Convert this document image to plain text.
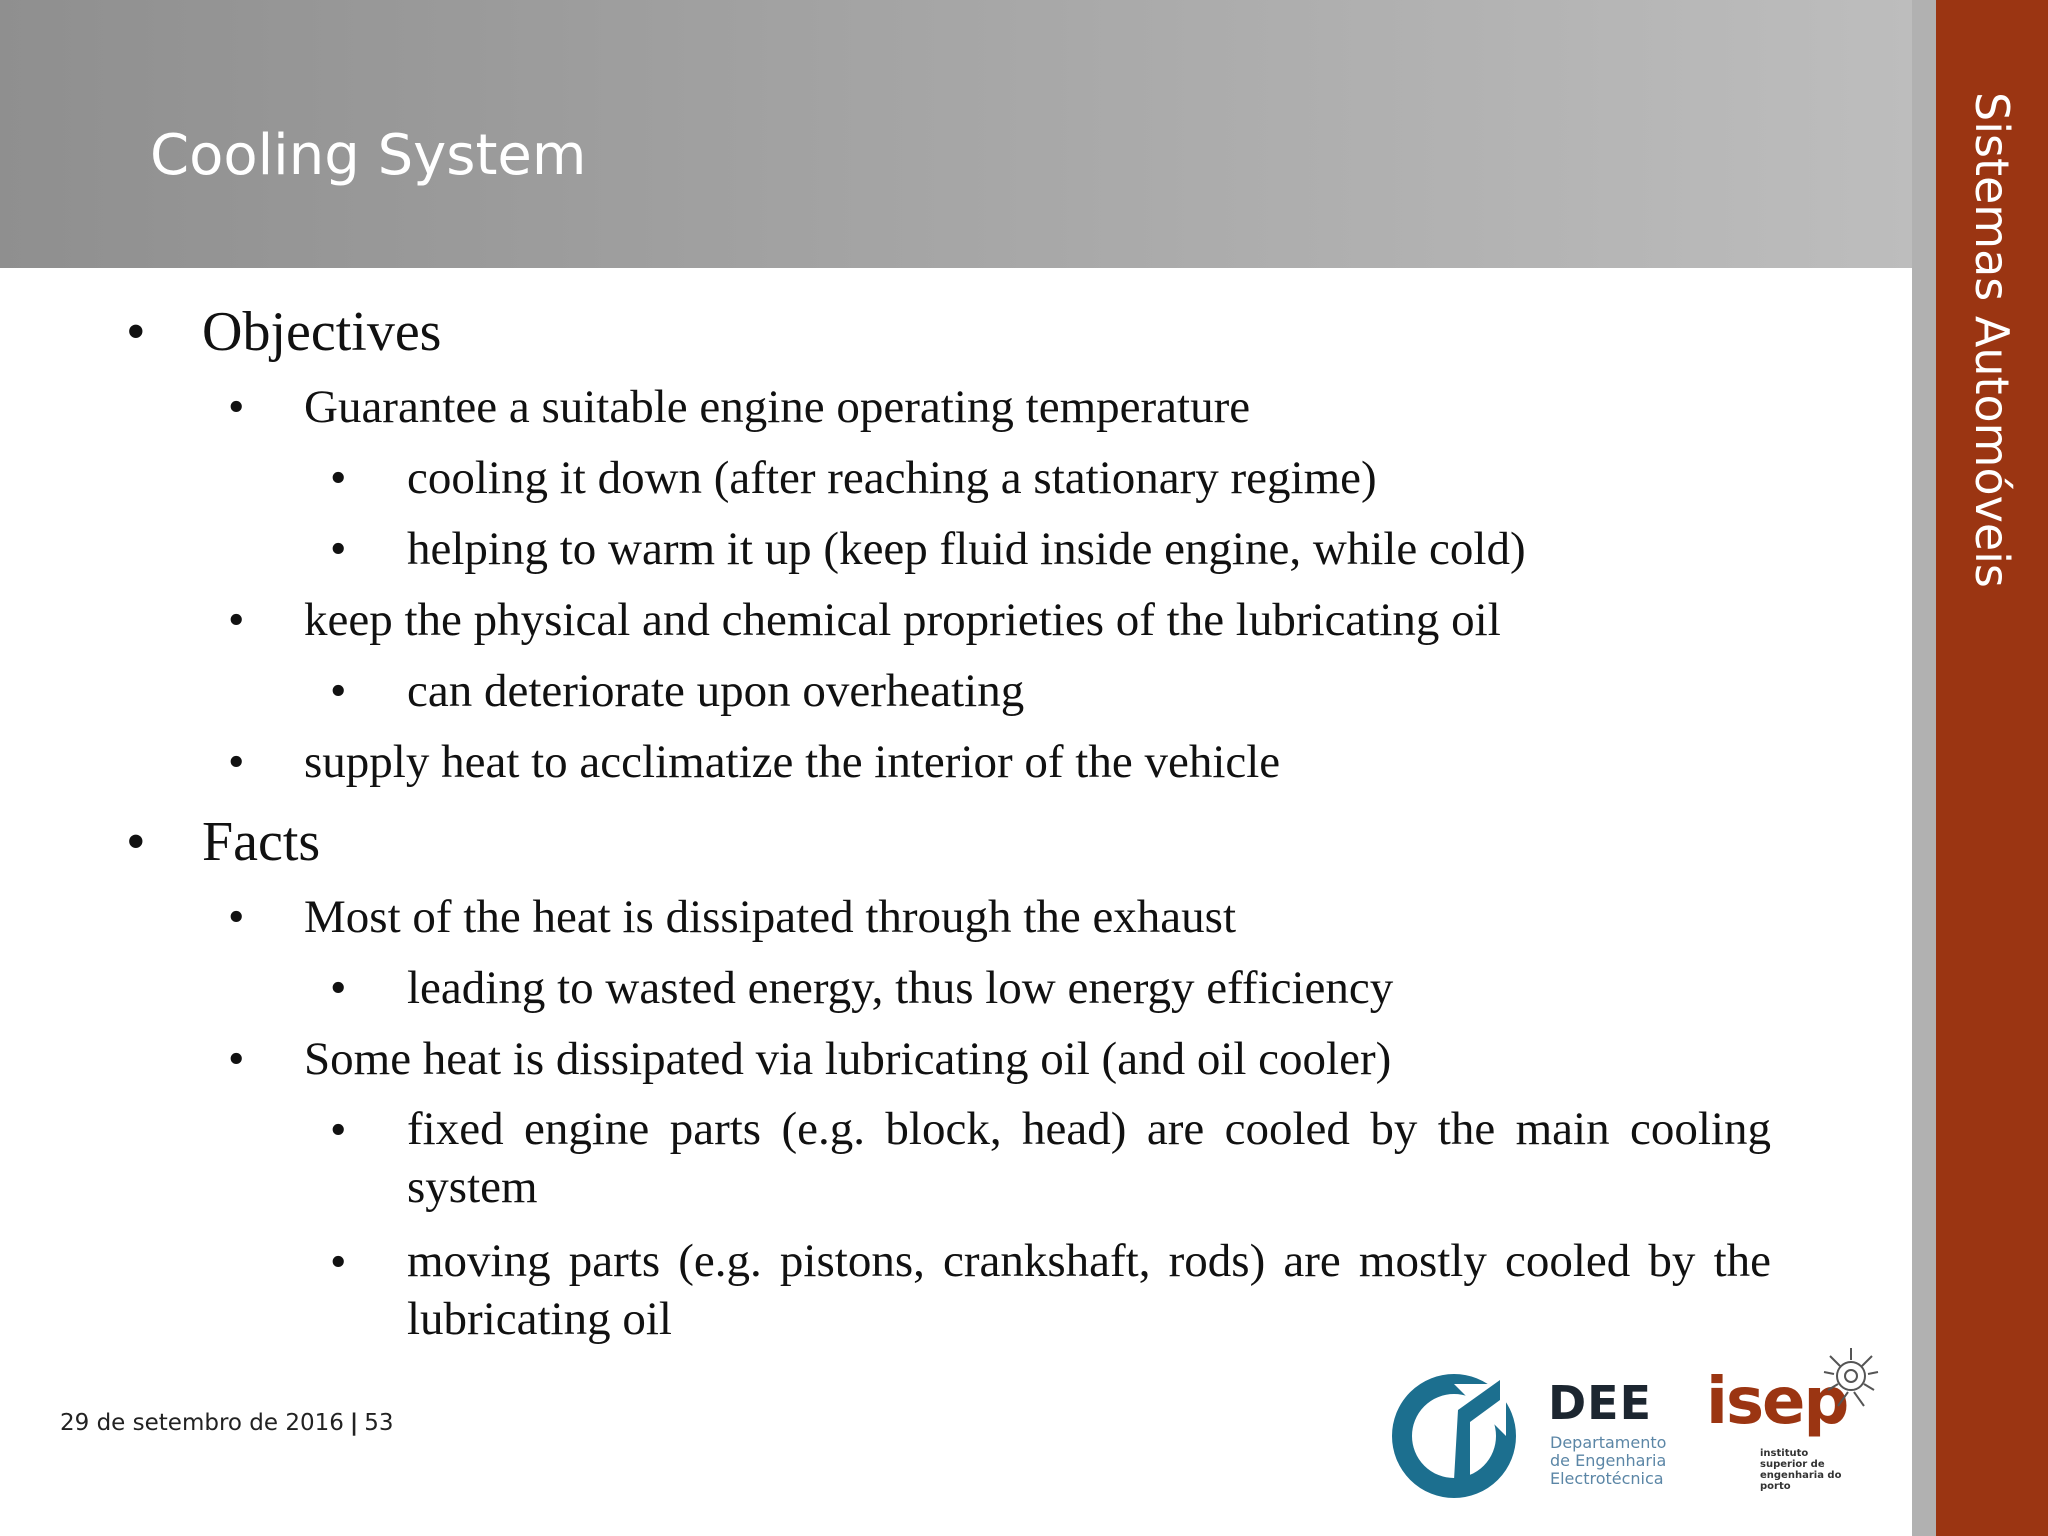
Cooling System	Sistemas Automóveis
• Objectives
• Guarantee a suitable engine operating temperature
• cooling it down (after reaching a stationary regime)
• helping to warm it up (keep fluid inside engine, while cold)
• keep the physical and chemical proprieties of the lubricating oil
• can deteriorate upon overheating
• supply heat to acclimatize the interior of the vehicle
• Facts
• Most of the heat is dissipated through the exhaust
• leading to wasted energy, thus low energy efficiency
• Some heat is dissipated via lubricating oil (and oil cooler)
• fixed engine parts (e.g. block, head) are cooled by the main cooling system
• moving parts (e.g. pistons, crankshaft, rods) are mostly cooled by the lubricating oil
29 de setembro de 2016 | 53	DEE
Departamento
de Engenharia
Electrotécnica
isep
instituto
superior de
engenharia do
porto
